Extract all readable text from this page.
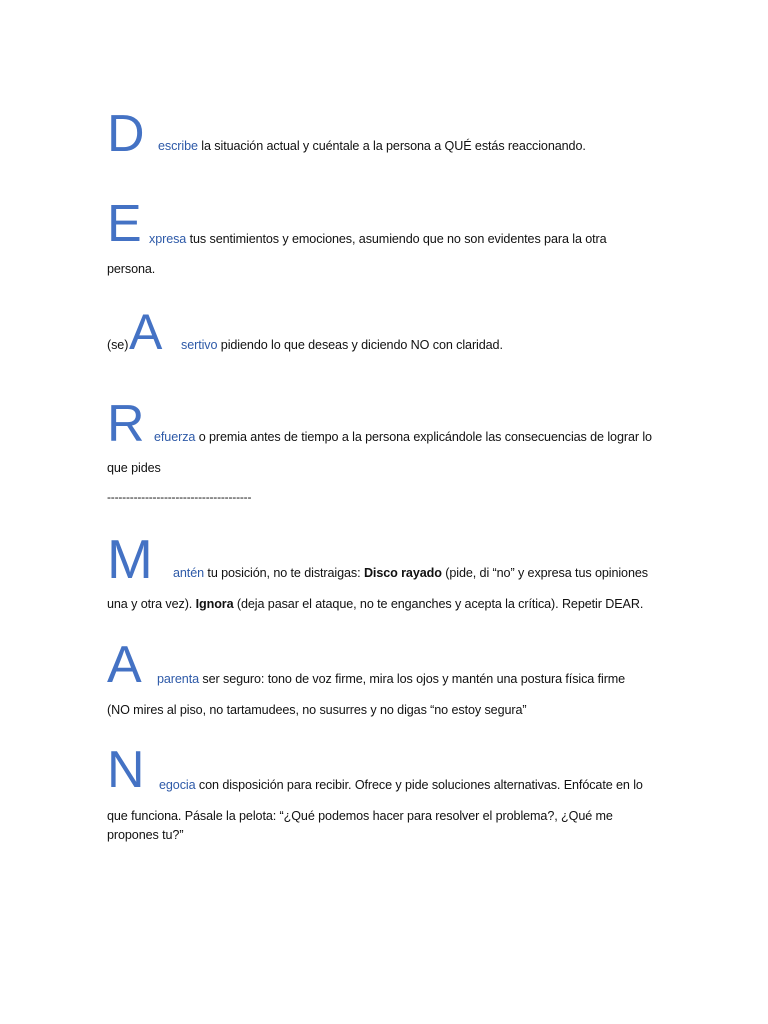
D escribe la situación actual y cuéntale a la persona a QUÉ estás reaccionando.
E xpresa tus sentimientos y emociones, asumiendo que no son evidentes para la otra
persona.
(se) A sertivo pidiendo lo que deseas y diciendo NO con claridad.
R efuerza o premia antes de tiempo a la persona explicándole las consecuencias de lograr lo
que pides
--------------------------------------
M antén tu posición, no te distraigas: Disco rayado (pide, di “no” y expresa tus opiniones
una y otra vez). Ignora (deja pasar el ataque, no te enganches y acepta la crítica). Repetir DEAR.
A parenta ser seguro: tono de voz firme, mira los ojos y mantén una postura física firme
(NO mires al piso, no tartamudees, no susurres y no digas “no estoy segura”
N egocia con disposición para recibir. Ofrece y pide soluciones alternativas. Enfócate en lo
que funciona. Pásale la pelota: “¿Qué podemos hacer para resolver el problema?, ¿Qué me
propones tu?”
